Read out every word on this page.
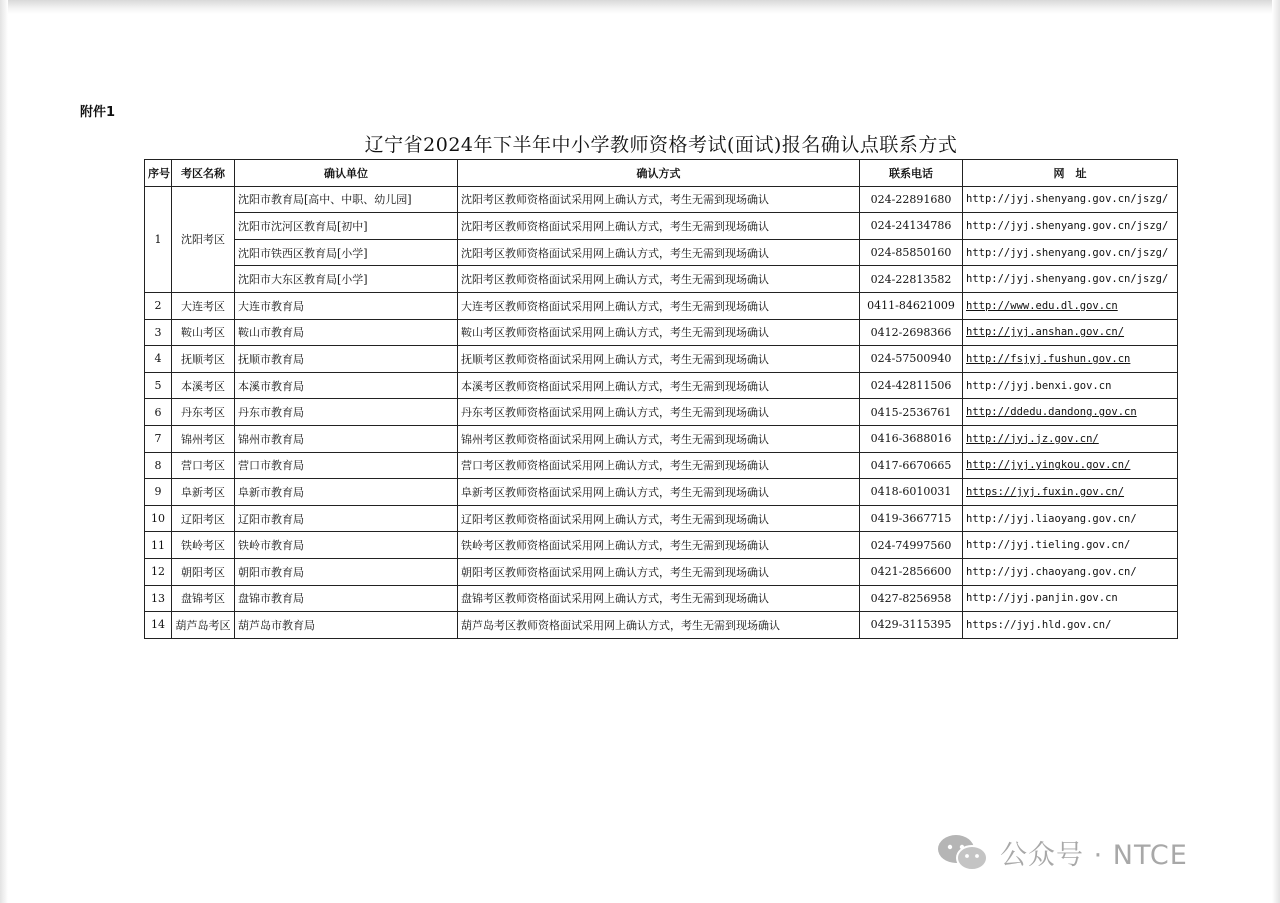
附件1
辽宁省2024年下半年中小学教师资格考试(面试)报名确认点联系方式
序号	考区名称	确认单位	确认方式	联系电话	网　址
1	沈阳考区	沈阳市教育局[高中、中职、幼儿园]	沈阳考区教师资格面试采用网上确认方式，考生无需到现场确认	024-22891680	http://jyj.shenyang.gov.cn/jszg/
		沈阳市沈河区教育局[初中]	沈阳考区教师资格面试采用网上确认方式，考生无需到现场确认	024-24134786	http://jyj.shenyang.gov.cn/jszg/
		沈阳市铁西区教育局[小学]	沈阳考区教师资格面试采用网上确认方式，考生无需到现场确认	024-85850160	http://jyj.shenyang.gov.cn/jszg/
		沈阳市大东区教育局[小学]	沈阳考区教师资格面试采用网上确认方式，考生无需到现场确认	024-22813582	http://jyj.shenyang.gov.cn/jszg/
2	大连考区	大连市教育局	大连考区教师资格面试采用网上确认方式，考生无需到现场确认	0411-84621009	http://www.edu.dl.gov.cn
3	鞍山考区	鞍山市教育局	鞍山考区教师资格面试采用网上确认方式，考生无需到现场确认	0412-2698366	http://jyj.anshan.gov.cn/
4	抚顺考区	抚顺市教育局	抚顺考区教师资格面试采用网上确认方式，考生无需到现场确认	024-57500940	http://fsjyj.fushun.gov.cn
5	本溪考区	本溪市教育局	本溪考区教师资格面试采用网上确认方式，考生无需到现场确认	024-42811506	http://jyj.benxi.gov.cn
6	丹东考区	丹东市教育局	丹东考区教师资格面试采用网上确认方式，考生无需到现场确认	0415-2536761	http://ddedu.dandong.gov.cn
7	锦州考区	锦州市教育局	锦州考区教师资格面试采用网上确认方式，考生无需到现场确认	0416-3688016	http://jyj.jz.gov.cn/
8	营口考区	营口市教育局	营口考区教师资格面试采用网上确认方式，考生无需到现场确认	0417-6670665	http://jyj.yingkou.gov.cn/
9	阜新考区	阜新市教育局	阜新考区教师资格面试采用网上确认方式，考生无需到现场确认	0418-6010031	https://jyj.fuxin.gov.cn/
10	辽阳考区	辽阳市教育局	辽阳考区教师资格面试采用网上确认方式，考生无需到现场确认	0419-3667715	http://jyj.liaoyang.gov.cn/
11	铁岭考区	铁岭市教育局	铁岭考区教师资格面试采用网上确认方式，考生无需到现场确认	024-74997560	http://jyj.tieling.gov.cn/
12	朝阳考区	朝阳市教育局	朝阳考区教师资格面试采用网上确认方式，考生无需到现场确认	0421-2856600	http://jyj.chaoyang.gov.cn/
13	盘锦考区	盘锦市教育局	盘锦考区教师资格面试采用网上确认方式，考生无需到现场确认	0427-8256958	http://jyj.panjin.gov.cn
14	葫芦岛考区	葫芦岛市教育局	葫芦岛考区教师资格面试采用网上确认方式，考生无需到现场确认	0429-3115395	https://jyj.hld.gov.cn/
公众号 · NTCE
